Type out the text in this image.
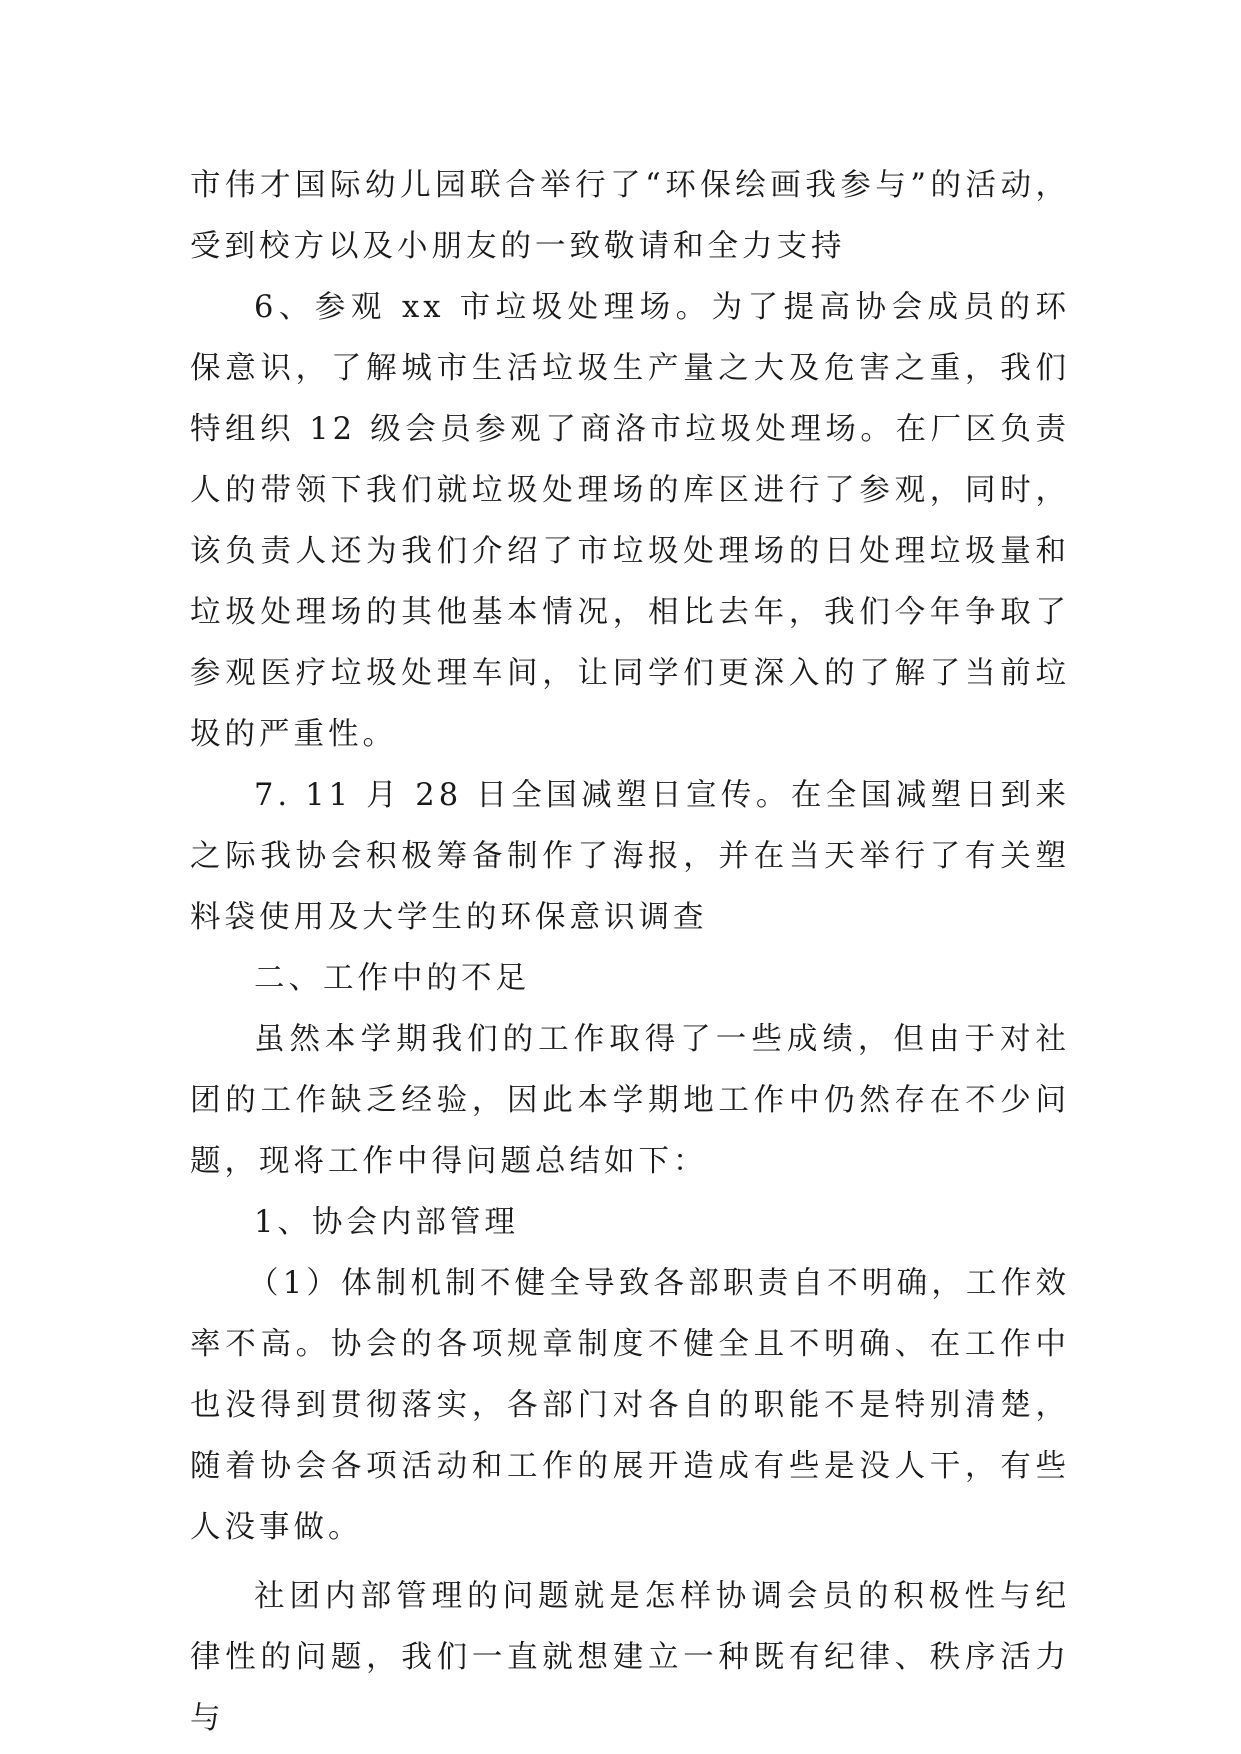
市伟才国际幼儿园联合举行了“环保绘画我参与”的活动，受到校方以及小朋友的一致敬请和全力支持

6、参观 xx 市垃圾处理场。为了提高协会成员的环保意识，了解城市生活垃圾生产量之大及危害之重，我们特组织 12 级会员参观了商洛市垃圾处理场。在厂区负责人的带领下我们就垃圾处理场的库区进行了参观，同时，该负责人还为我们介绍了市垃圾处理场的日处理垃圾量和垃圾处理场的其他基本情况，相比去年，我们今年争取了参观医疗垃圾处理车间，让同学们更深入的了解了当前垃圾的严重性。

7. 11 月 28 日全国减塑日宣传。在全国减塑日到来之际我协会积极筹备制作了海报，并在当天举行了有关塑料袋使用及大学生的环保意识调查

二、工作中的不足

虽然本学期我们的工作取得了一些成绩，但由于对社团的工作缺乏经验，因此本学期地工作中仍然存在不少问题，现将工作中得问题总结如下：

1、协会内部管理

（1）体制机制不健全导致各部职责自不明确，工作效率不高。协会的各项规章制度不健全且不明确、在工作中也没得到贯彻落实，各部门对各自的职能不是特别清楚，随着协会各项活动和工作的展开造成有些是没人干，有些人没事做。

社团内部管理的问题就是怎样协调会员的积极性与纪律性的问题，我们一直就想建立一种既有纪律、秩序活力与
